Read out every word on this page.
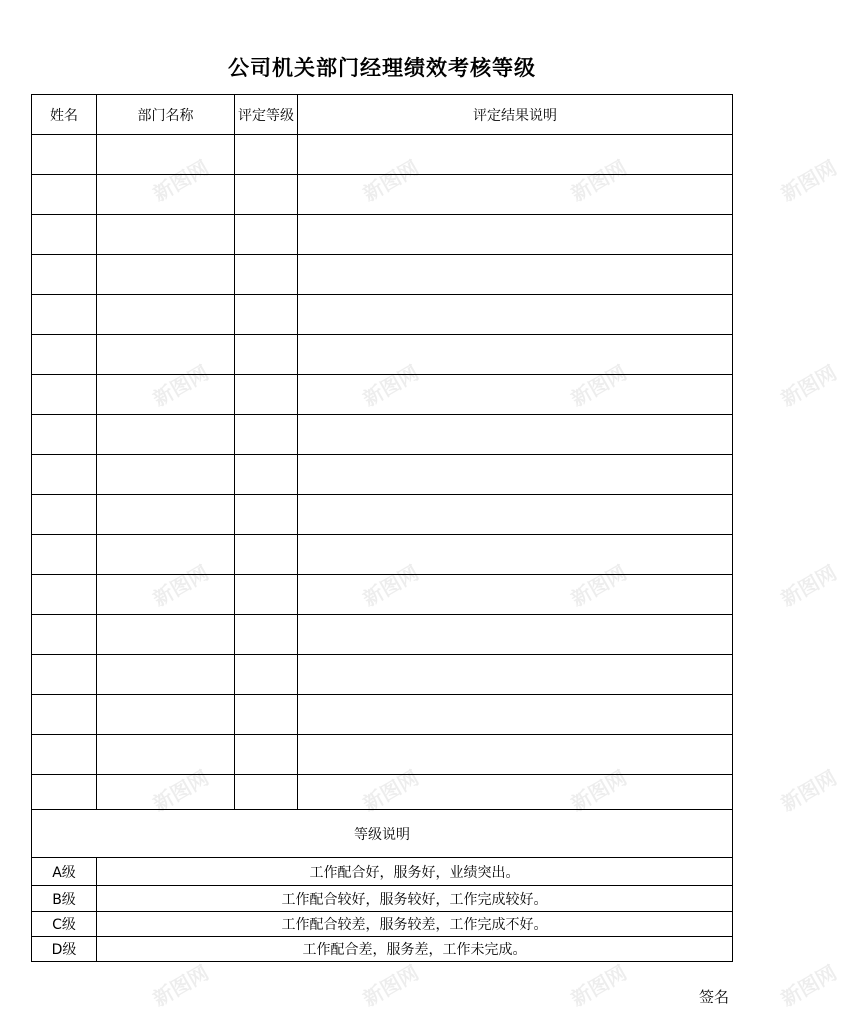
公司机关部门经理绩效考核等级
姓名	部门名称	评定等级	评定结果说明

等级说明			
A级	工作配合好，服务好，业绩突出。		
B级	工作配合较好，服务较好，工作完成较好。		
C级	工作配合较差，服务较差，工作完成不好。		
D级	工作配合差，服务差，工作未完成。		
签名
新图网	新图网	新图网	新图网
新图网	新图网	新图网	新图网
新图网	新图网	新图网	新图网
新图网	新图网	新图网	新图网
新图网	新图网	新图网	新图网
